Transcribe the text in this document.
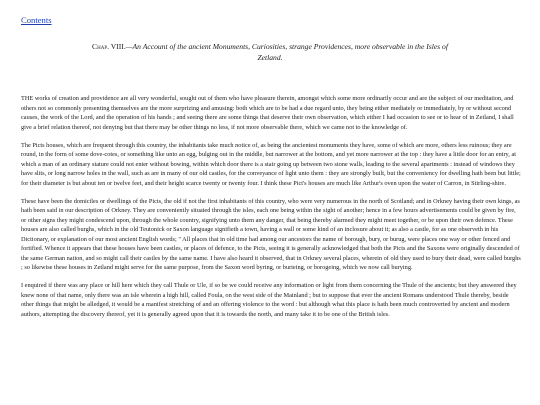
Contents
Chap. VIII.—An Account of the ancient Monuments, Curiosities, strange Providences, more observable in the Isles of Zetland.

THE works of creation and providence are all very wonderful, sought out of them who have pleasure therein, amongst which some more ordinarily occur and are the subject of our meditation, and others not so commonly presenting themselves are the more surprizing and amusing: both which are to be had a due regard unto, they being either mediately or immediately, by or without second causes, the work of the Lord, and the operation of his hands ; and seeing there are some things that deserve their own observation, which either I had occasion to see or to hear of in Zetland, I shall give a brief relation thereof, not denying but that there may be other things no less, if not more observable there, which we came not to the knowledge of.

The Picts houses, which are frequent through this country, the inhabitants take much notice of, as being the ancientest monuments they have, some of which are more, others less ruinous; they are round, in the form of some dove-cotes, or something like unto an egg, bulging out in the middle, but narrower at the bottom, and yet more narrower at the top : they have a little door for an entry, at which a man of an ordinary stature could not enter without bowing, within which door there is a stair going up between two stone walls, leading to the several apartments : instead of windows they have slits, or long narrow holes in the wall, such as are in many of our old castles, for the conveyance of light unto them : they are strongly built, but the conveniency for dwelling hath been but little; for their diameter is but about ten or twelve feet, and their height scarce twenty or twenty four. I think these Pict's houses are much like Arthur's oven upon the water of Carron, in Stirling-shire.

These have been the domiciles or dwellings of the Picts, the old if not the first inhabitants of this country, who were very numerous in the north of Scotland; and in Orkney having their own kings, as hath been said in our description of Orkney. They are conveniently situated through the isles, each one being within the sight of another; hence in a few hours advertisements could be given by fire, or other signs they might condescend upon, through the whole country, signifying unto them any danger, that being thereby alarmed they might meet together, or be upon their own defence. These houses are also called burghs, which in the old Teutonick or Saxon language signifieth a town, having a wall or some kind of an inclosure about it; as also a castle, for as one observeth in his Dictionary, or explanation of our most ancient English words; " All places that in old time had among our ancestors the name of borough, bury, or burug, were places one way or other fenced and fortified. Whence it appears that these houses have been castles, or places of defence, to the Picts, seeing it is generally acknowledged that both the Picts and the Saxons were originally descended of the same German nation, and so might call their castles by the same name. I have also heard it observed, that in Orkney several places, wherein of old they used to bury their dead, were called burghs ; so likewise these houses in Zetland might serve for the same purpose, from the Saxon word byring, or burieing, or borogeing, which we now call burying.

I enquired if there was any place or hill here which they call Thule or Ule, if so be we could receive any information or light from them concerning the Thule of the ancients; but they answered they knew none of that name, only there was an isle wherein a high hill, called Foula, on the west side of the Mainland ; but to suppose that ever the ancient Romans understood Thule thereby, beside other things that might be alledged, it would be a manifest stretching of and an offering violence to the word : but although what this place is hath been much controverted by ancient and modern authors, attempting the discovery thereof, yet it is generally agreed upon that it is towards the north, and many take it to be one of the British isles.
